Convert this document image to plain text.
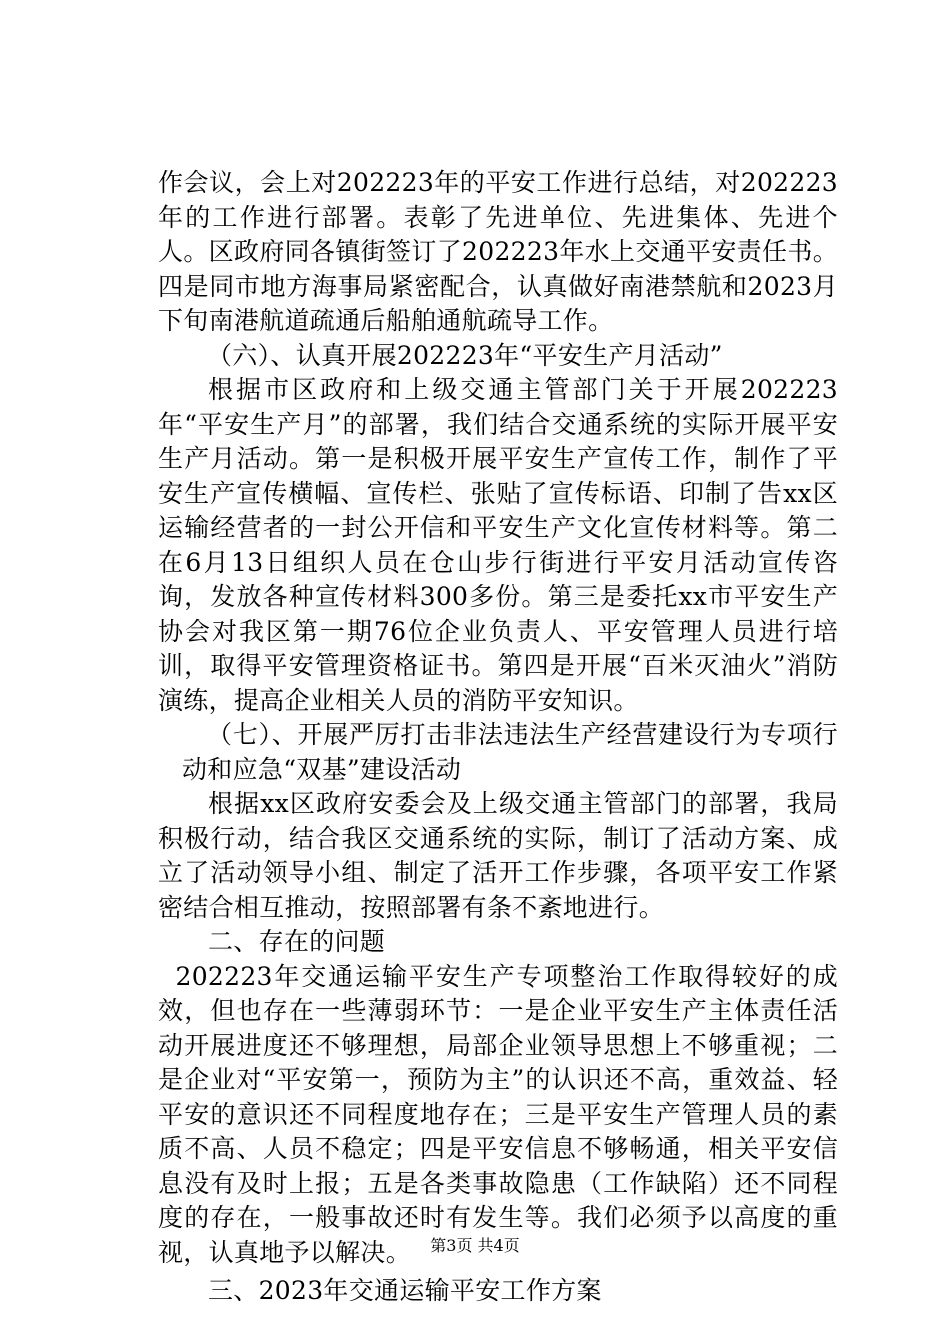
作会议，会上对202223年的平安工作进行总结，对202223年的工作进行部署。表彰了先进单位、先进集体、先进个人。区政府同各镇街签订了202223年水上交通平安责任书。四是同市地方海事局紧密配合，认真做好南港禁航和2023月下旬南港航道疏通后船舶通航疏导工作。

（六）、认真开展202223年“平安生产月活动”

根据市区政府和上级交通主管部门关于开展202223年“平安生产月”的部署，我们结合交通系统的实际开展平安生产月活动。第一是积极开展平安生产宣传工作，制作了平安生产宣传横幅、宣传栏、张贴了宣传标语、印制了告xx区运输经营者的一封公开信和平安生产文化宣传材料等。第二在6月13日组织人员在仓山步行街进行平安月活动宣传咨询，发放各种宣传材料300多份。第三是委托xx市平安生产协会对我区第一期76位企业负责人、平安管理人员进行培训，取得平安管理资格证书。第四是开展“百米灭油火”消防演练，提高企业相关人员的消防平安知识。

（七）、开展严厉打击非法违法生产经营建设行为专项行动和应急“双基”建设活动

根据xx区政府安委会及上级交通主管部门的部署，我局积极行动，结合我区交通系统的实际，制订了活动方案、成立了活动领导小组、制定了活开工作步骤，各项平安工作紧密结合相互推动，按照部署有条不紊地进行。

二、存在的问题

202223年交通运输平安生产专项整治工作取得较好的成效，但也存在一些薄弱环节：一是企业平安生产主体责任活动开展进度还不够理想，局部企业领导思想上不够重视；二是企业对“平安第一，预防为主”的认识还不高，重效益、轻平安的意识还不同程度地存在；三是平安生产管理人员的素质不高、人员不稳定；四是平安信息不够畅通，相关平安信息没有及时上报；五是各类事故隐患（工作缺陷）还不同程度的存在，一般事故还时有发生等。我们必须予以高度的重视，认真地予以解决。

三、2023年交通运输平安工作方案

第3页 共4页
